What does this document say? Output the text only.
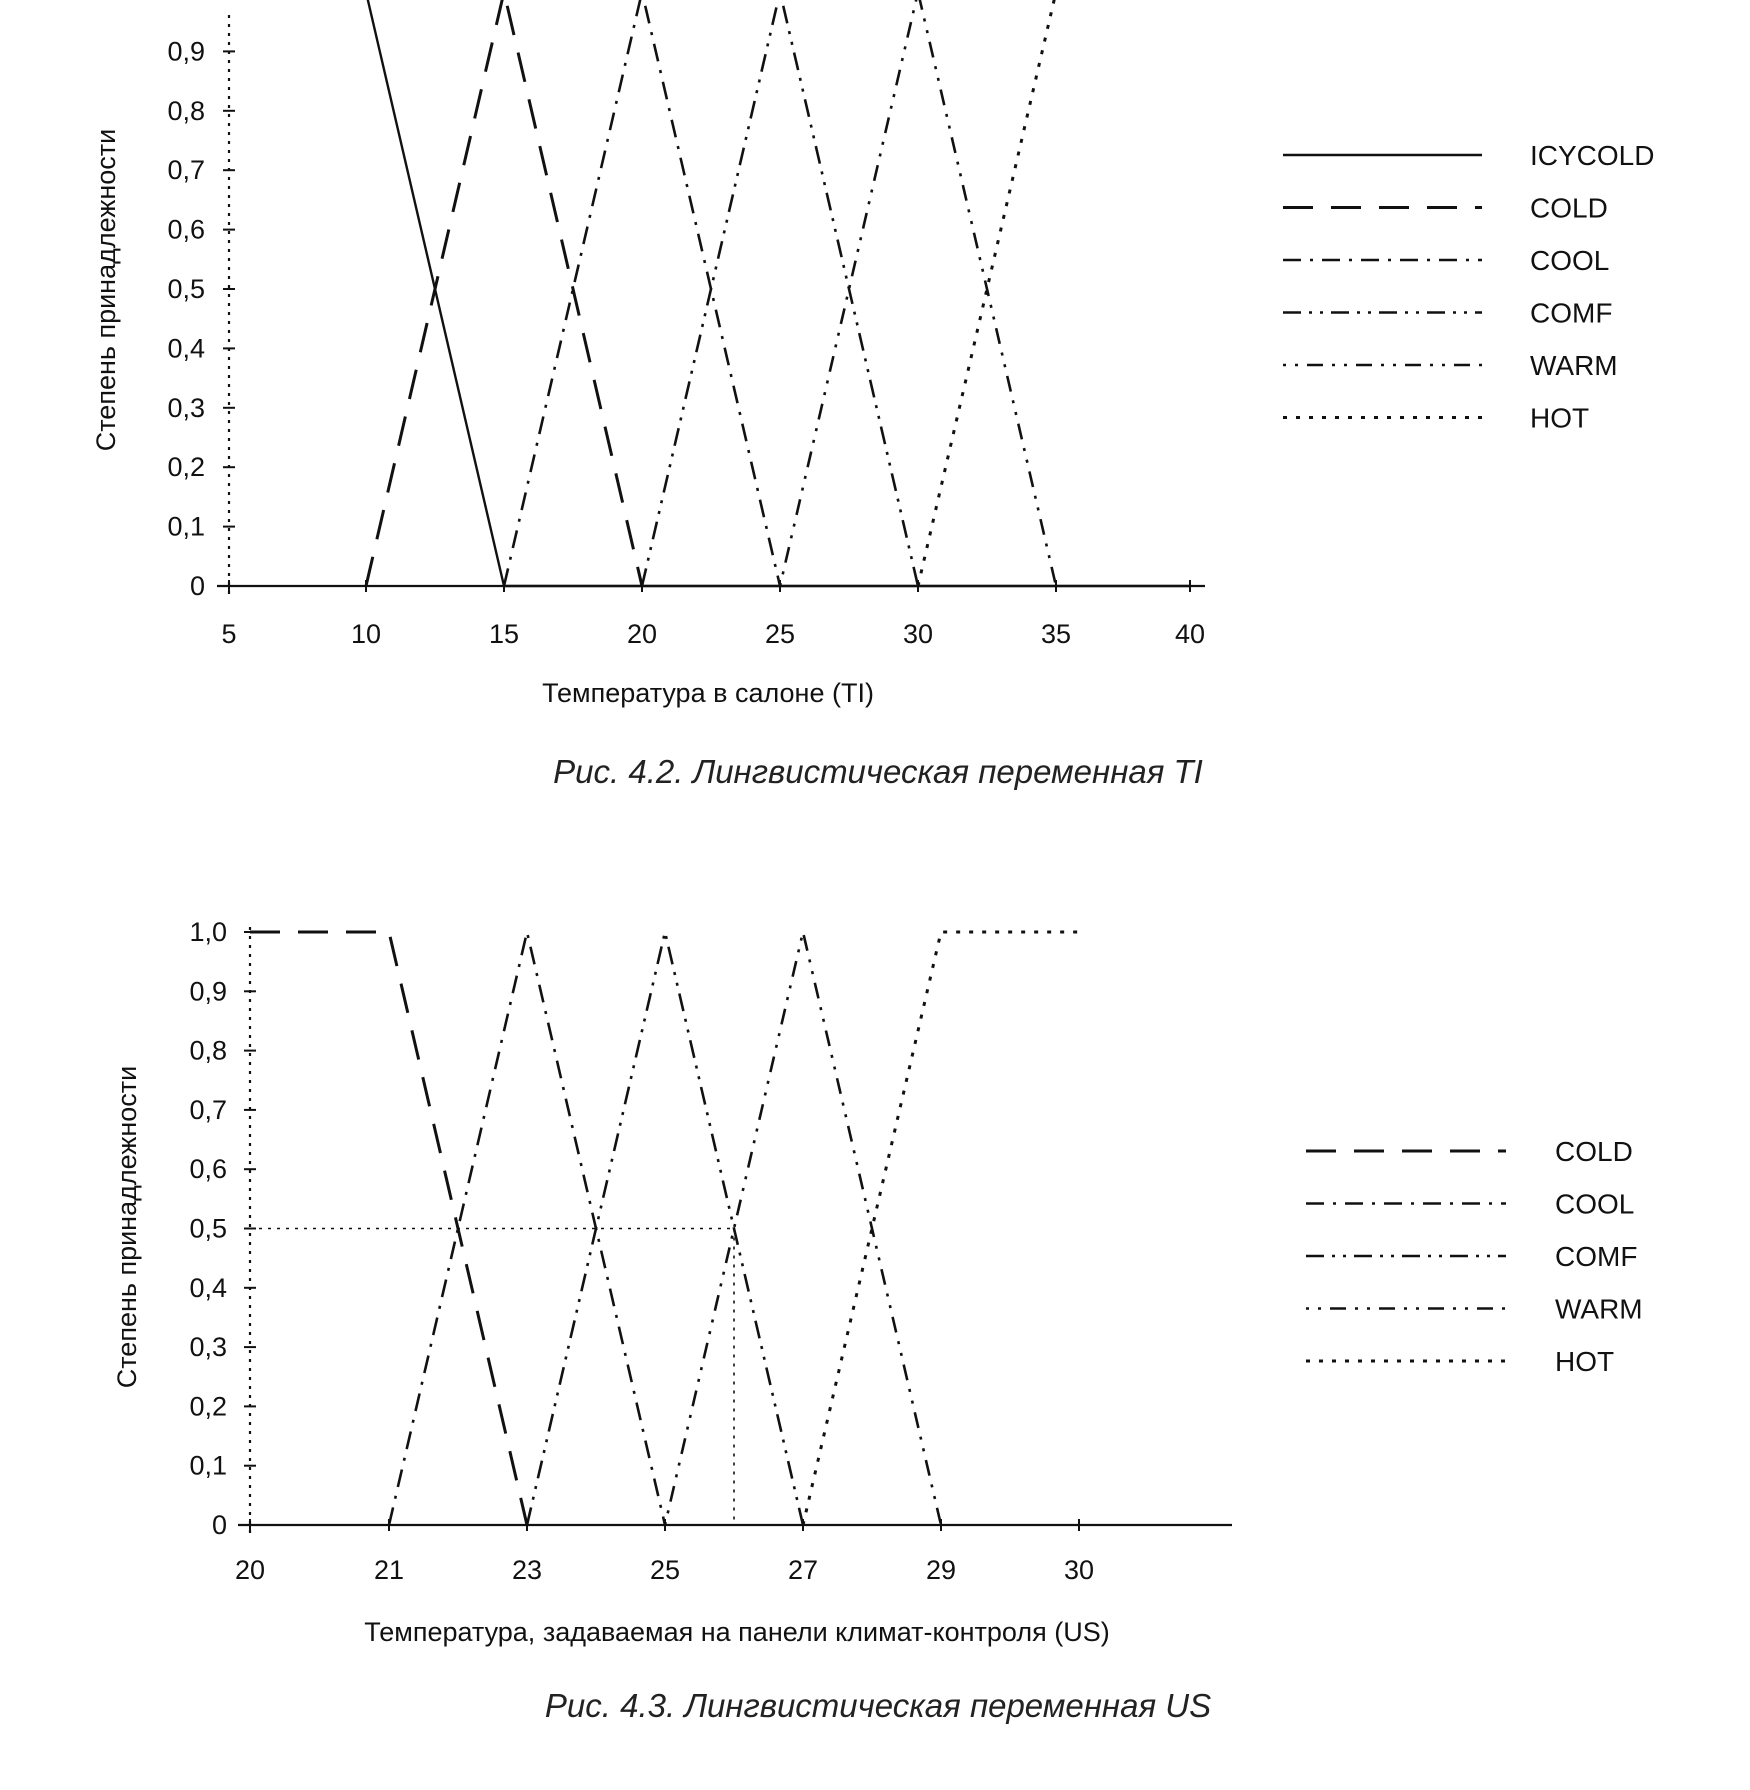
Степень принадлежности
Температура в салоне (TI)
Рис. 4.2. Лингвистическая переменная TI
0
0,1
0,2
0,3
0,4
0,5
0,6
0,7
0,8
0,9
5	10	15	20	25	30	35	40
ICYCOLD
COLD
COOL
COMF
WARM
HOT
Степень принадлежности
Температура, задаваемая на панели климат-контроля (US)
Рис. 4.3. Лингвистическая переменная US
0
0,1
0,2
0,3
0,4
0,5
0,6
0,7
0,8
0,9
1,0
20	21	23	25	27	29	30
COLD
COOL
COMF
WARM
HOT
